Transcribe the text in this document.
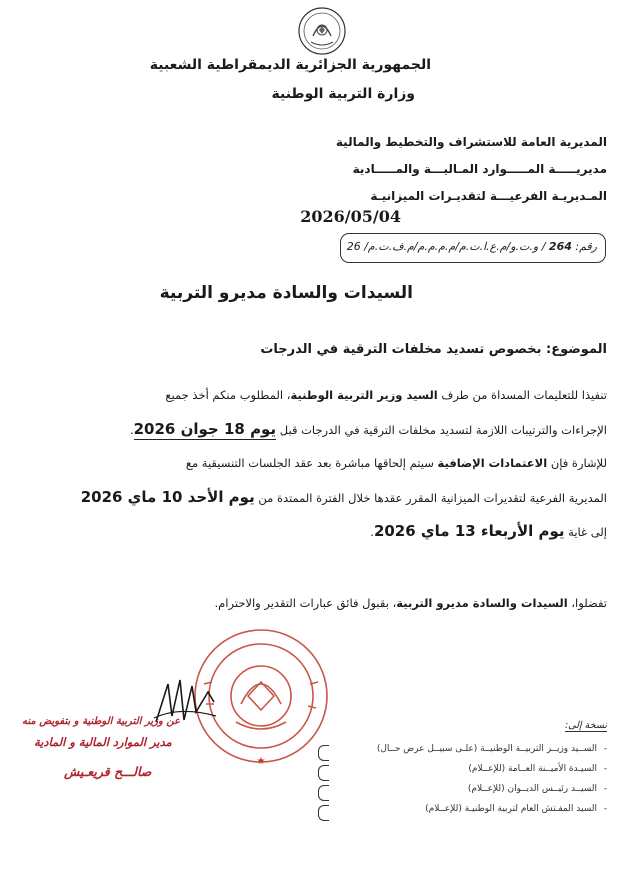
الجمهورية الجزائرية الديمقراطية الشعبية
وزارة التربية الوطنية
المديرية العامة للاستشراف والتخطيط والمالية
مديريـــــة المـــــوارد المـاليـــة والمـــــادية
المـديريـة الفرعيـــة لتقديـرات الميزانيـة
2026/05/04
رقم: 264 / و.ت.و/م.ع.ا.ت.م/م.م.م.م/م.ف.ت.م/ 26
السيدات والسادة مديرو التربية
الموضوع: بخصوص تسديد مخلفات الترقية في الدرجات
تنفيذا للتعليمات المسداة من طرف السيد وزير التربية الوطنية، المطلوب منكم أخذ جميع
الإجراءات والترتيبات اللازمة لتسديد مخلفات الترقية في الدرجات قبل يوم 18 جوان 2026.
للإشارة فإن الاعتمادات الإضافية سيتم إلحاقها مباشرة بعد عقد الجلسات التنسيقية مع
المديرية الفرعية لتقديرات الميزانية المقرر عقدها خلال الفترة الممتدة من يوم الأحد 10 ماي 2026
إلى غاية يوم الأربعاء 13 ماي 2026.
تفضلوا، السيدات والسادة مديرو التربية، بقبول فائق عبارات التقدير والاحترام.
★
عن وزير التربية الوطنية و بتفويض منه
مدير الموارد المالية و المادية
صالـــح قريعـيش
نسخة إلى:
-الســيد وزيــر التربيــة الوطنيــة (علـى سبيــل عرض حــال)
-السيـدة الأميــنة العــامة (للإعــلام)
-السيــد رئيــس الديــوان (للإعــلام)
-السيد المفـتش العام لتربية الوطنيـة (للإعــلام)
